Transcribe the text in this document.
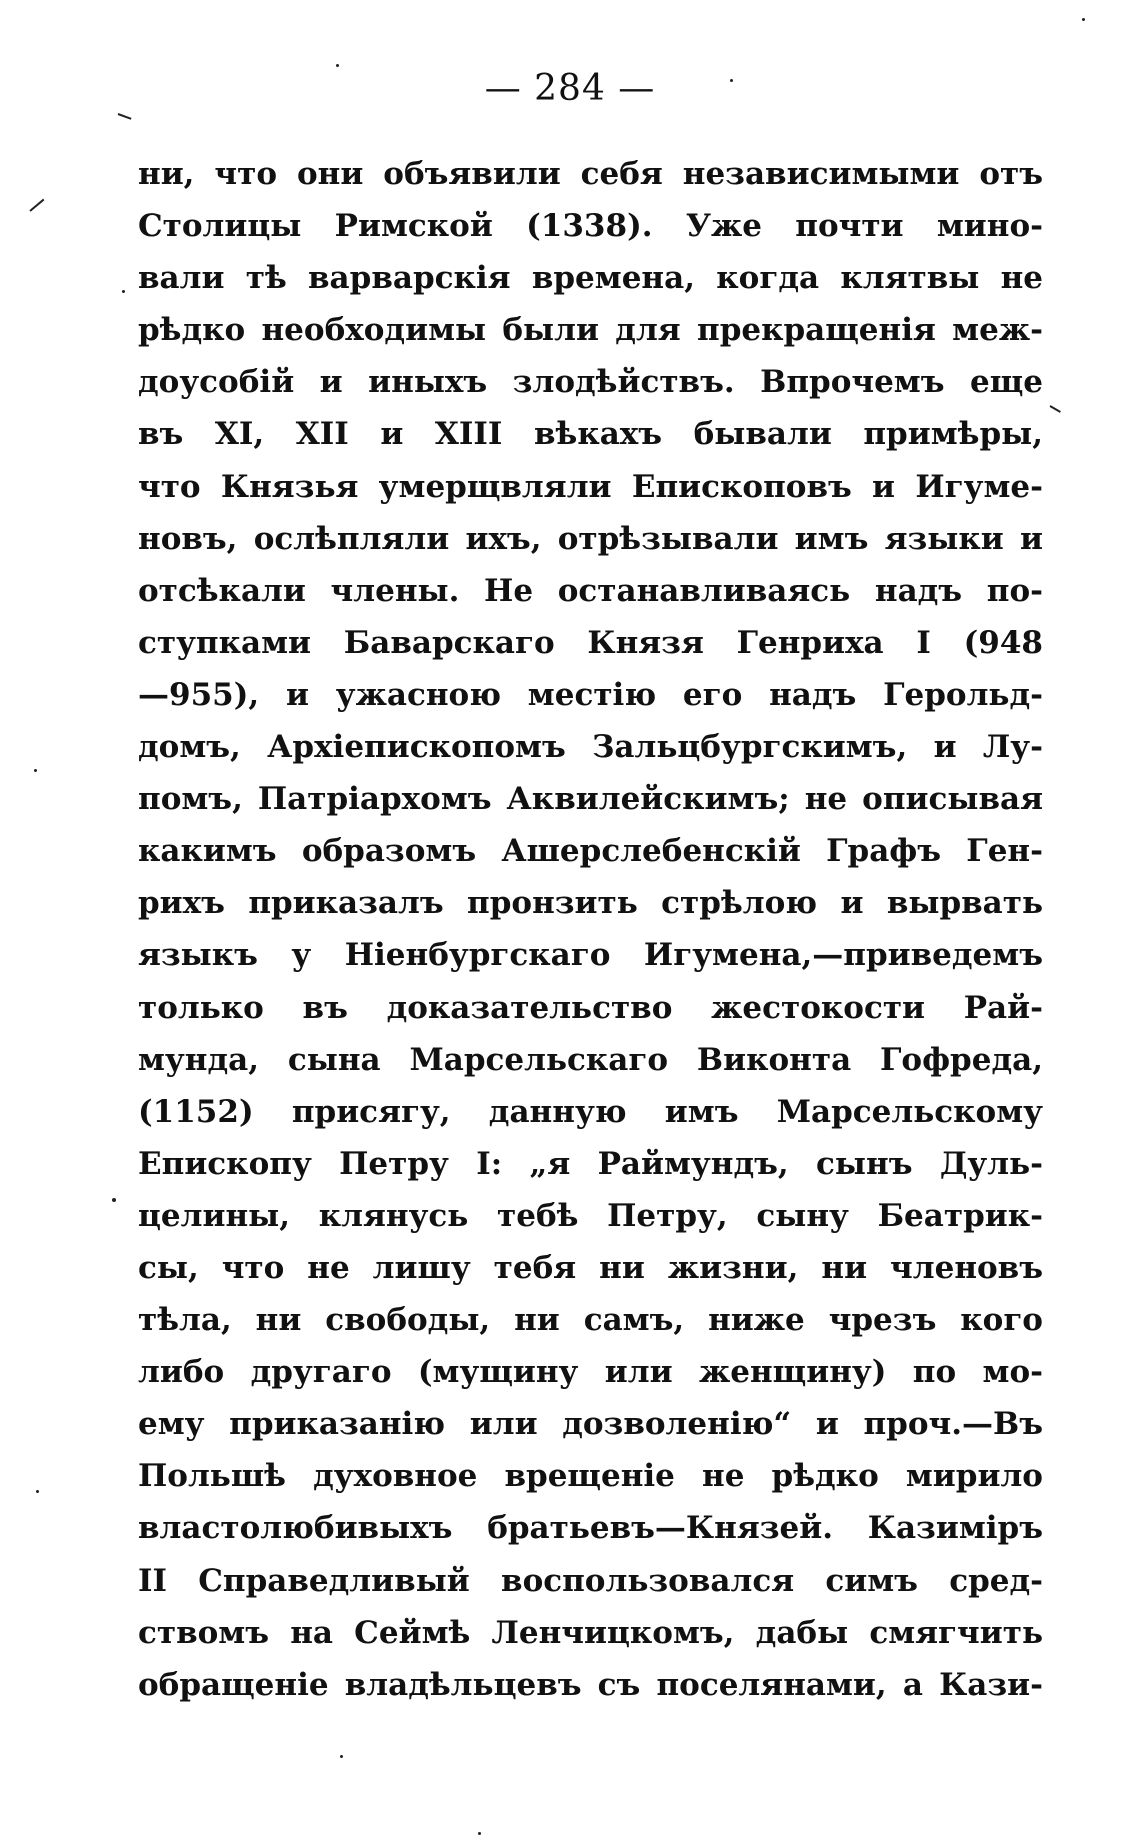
— 284 —
ни, что они объявили себя независимыми отъ
Столицы Римской (1338). Уже почти мино-
вали тѣ варварскія времена, когда клятвы не
рѣдко необходимы были для прекращенія меж-
доусобій и иныхъ злодѣйствъ. Впрочемъ еще
въ XI, XII и XIII вѣкахъ бывали примѣры,
что Князья умерщвляли Епископовъ и Игуме-
новъ, ослѣпляли ихъ, отрѣзывали имъ языки и
отсѣкали члены. Не останавливаясь надъ по-
ступками Баварскаго Князя Генриха I (948
—955), и ужасною местію его надъ Герольд-
домъ, Архіепископомъ Зальцбургскимъ, и Лу-
помъ, Патріархомъ Аквилейскимъ; не описывая
какимъ образомъ Ашерслебенскій Графъ Ген-
рихъ приказалъ пронзить стрѣлою и вырвать
языкъ у Ніенбургскаго Игумена,—приведемъ
только въ доказательство жестокости Рай-
мунда, сына Марсельскаго Виконта Гофреда,
(1152) присягу, данную имъ Марсельскому
Епископу Петру I: „я Раймундъ, сынъ Дуль-
целины, клянусь тебѣ Петру, сыну Беатрик-
сы, что не лишу тебя ни жизни, ни членовъ
тѣла, ни свободы, ни самъ, ниже чрезъ кого
либо другаго (мущину или женщину) по мо-
ему приказанію или дозволенію“ и проч.—Въ
Польшѣ духовное врещеніе не рѣдко мирило
властолюбивыхъ братьевъ—Князей. Казиміръ
II Справедливый воспользовался симъ сред-
ствомъ на Сеймѣ Ленчицкомъ, дабы смягчить
обращеніе владѣльцевъ съ поселянами, а Кази-
